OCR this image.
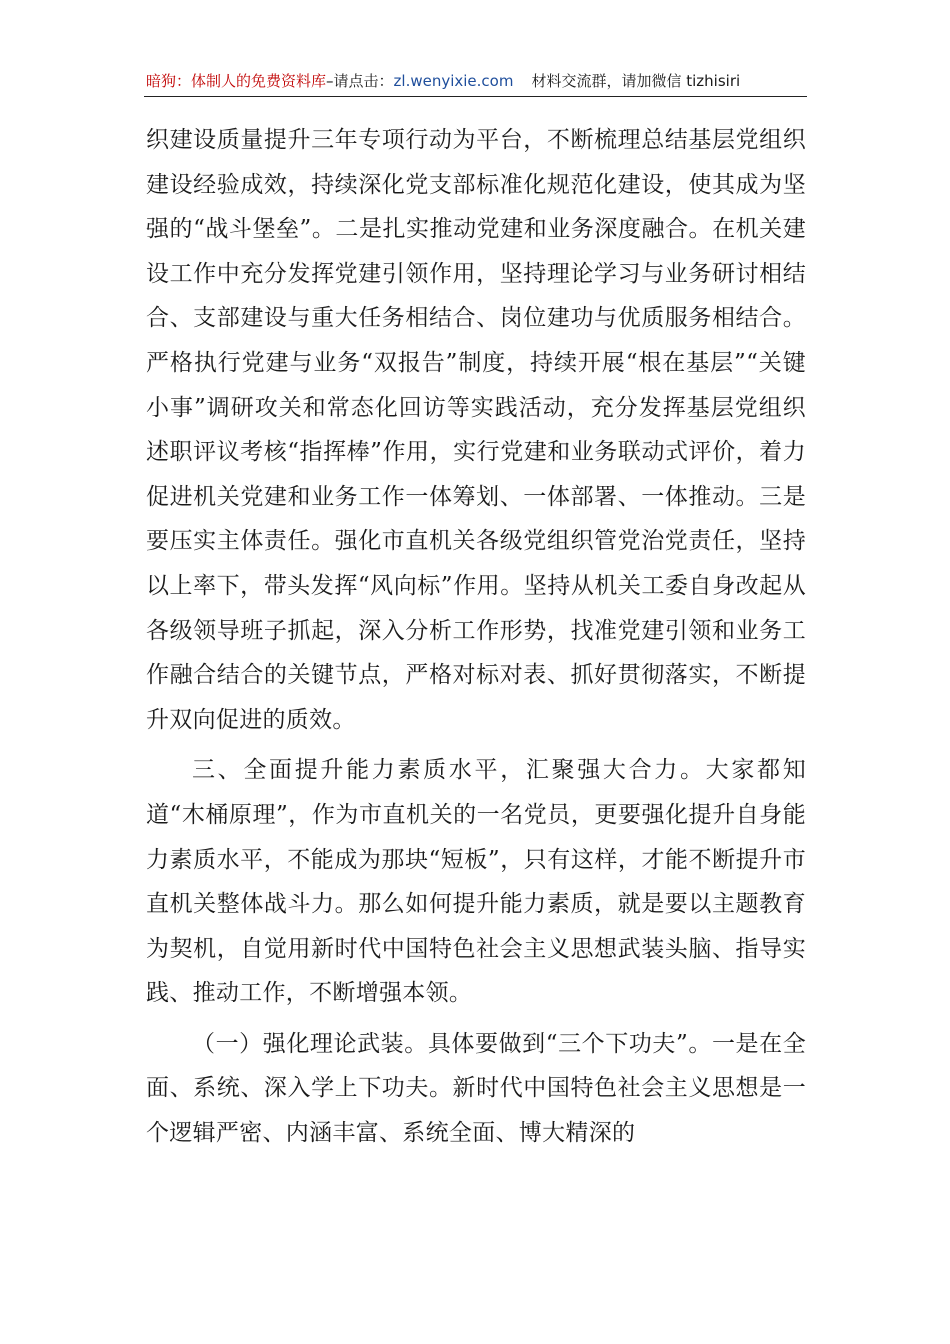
暗狗：体制人的免费资料库–请点击：zl.wenyixie.com 材料交流群，请加微信 tizhisiri

织建设质量提升三年专项行动为平台，不断梳理总结基层党组织建设经验成效，持续深化党支部标准化规范化建设，使其成为坚强的“战斗堡垒”。二是扎实推动党建和业务深度融合。在机关建设工作中充分发挥党建引领作用，坚持理论学习与业务研讨相结合、支部建设与重大任务相结合、岗位建功与优质服务相结合。严格执行党建与业务“双报告”制度，持续开展“根在基层”“关键小事”调研攻关和常态化回访等实践活动，充分发挥基层党组织述职评议考核“指挥棒”作用，实行党建和业务联动式评价，着力促进机关党建和业务工作一体筹划、一体部署、一体推动。三是要压实主体责任。强化市直机关各级党组织管党治党责任，坚持以上率下，带头发挥“风向标”作用。坚持从机关工委自身改起从各级领导班子抓起，深入分析工作形势，找准党建引领和业务工作融合结合的关键节点，严格对标对表、抓好贯彻落实，不断提升双向促进的质效。

三、全面提升能力素质水平，汇聚强大合力。大家都知道“木桶原理”，作为市直机关的一名党员，更要强化提升自身能力素质水平，不能成为那块“短板”，只有这样，才能不断提升市直机关整体战斗力。那么如何提升能力素质，就是要以主题教育为契机，自觉用新时代中国特色社会主义思想武装头脑、指导实践、推动工作，不断增强本领。

（一）强化理论武装。具体要做到“三个下功夫”。一是在全面、系统、深入学上下功夫。新时代中国特色社会主义思想是一个逻辑严密、内涵丰富、系统全面、博大精深的
